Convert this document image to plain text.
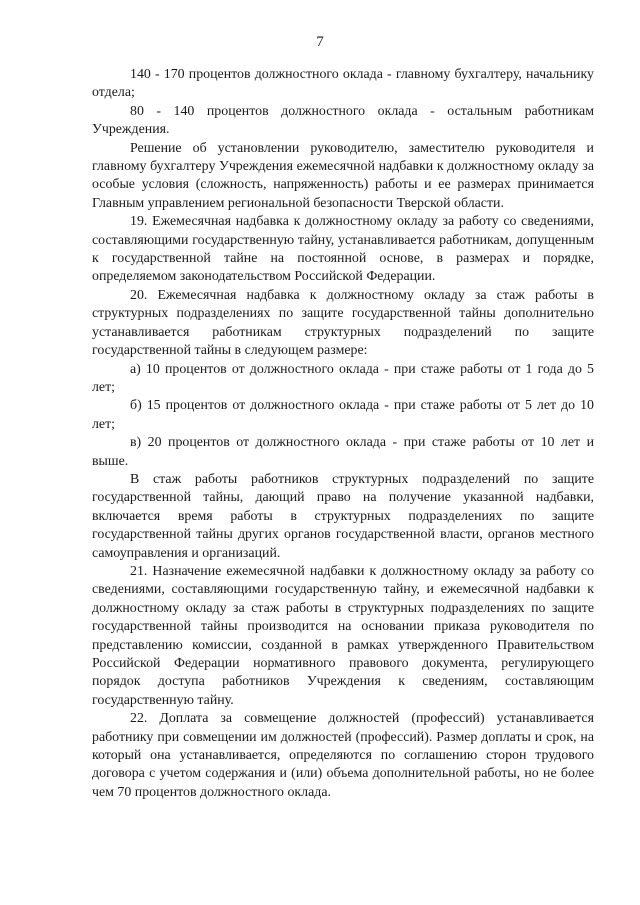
7

140 - 170 процентов должностного оклада - главному бухгалтеру, начальнику отдела;

80 - 140 процентов должностного оклада - остальным работникам Учреждения.

Решение об установлении руководителю, заместителю руководителя и главному бухгалтеру Учреждения ежемесячной надбавки к должностному окладу за особые условия (сложность, напряженность) работы и ее размерах принимается Главным управлением региональной безопасности Тверской области.

19. Ежемесячная надбавка к должностному окладу за работу со сведениями, составляющими государственную тайну, устанавливается работникам, допущенным к государственной тайне на постоянной основе, в размерах и порядке, определяемом законодательством Российской Федерации.

20. Ежемесячная надбавка к должностному окладу за стаж работы в структурных подразделениях по защите государственной тайны дополнительно устанавливается работникам структурных подразделений по защите государственной тайны в следующем размере:

а) 10 процентов от должностного оклада - при стаже работы от 1 года до 5 лет;

б) 15 процентов от должностного оклада - при стаже работы от 5 лет до 10 лет;

в) 20 процентов от должностного оклада - при стаже работы от 10 лет и выше.

В стаж работы работников структурных подразделений по защите государственной тайны, дающий право на получение указанной надбавки, включается время работы в структурных подразделениях по защите государственной тайны других органов государственной власти, органов местного самоуправления и организаций.

21. Назначение ежемесячной надбавки к должностному окладу за работу со сведениями, составляющими государственную тайну, и ежемесячной надбавки к должностному окладу за стаж работы в структурных подразделениях по защите государственной тайны производится на основании приказа руководителя по представлению комиссии, созданной в рамках утвержденного Правительством Российской Федерации нормативного правового документа, регулирующего порядок доступа работников Учреждения к сведениям, составляющим государственную тайну.

22. Доплата за совмещение должностей (профессий) устанавливается работнику при совмещении им должностей (профессий). Размер доплаты и срок, на который она устанавливается, определяются по соглашению сторон трудового договора с учетом содержания и (или) объема дополнительной работы, но не более чем 70 процентов должностного оклада.
